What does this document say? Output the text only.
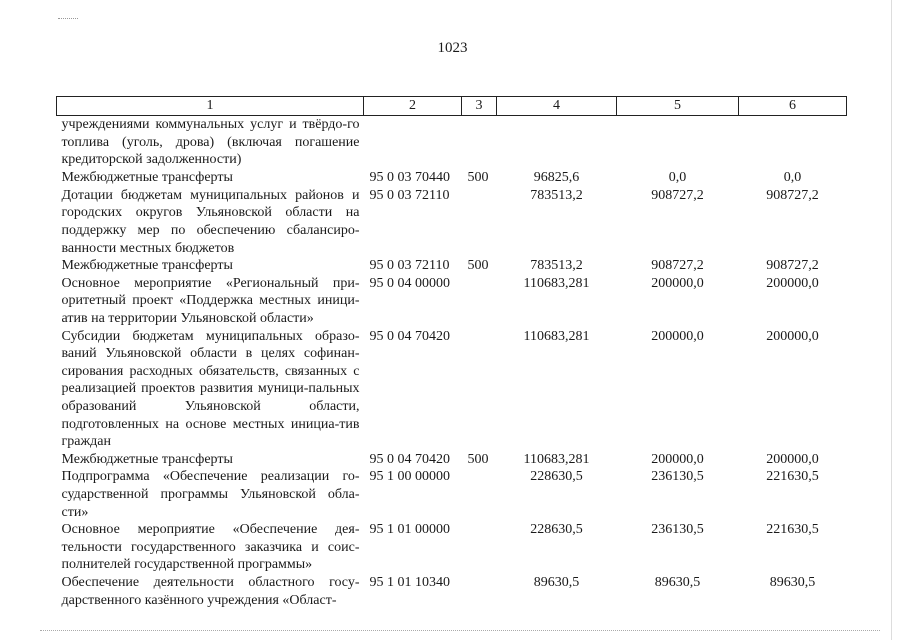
1023
1	2	3	4	5	6
учреждениями коммунальных услуг и твёрдо-го топлива (уголь, дрова) (включая погашение кредиторской задолженности)					
Межбюджетные трансферты	95 0 03 70440	500	96825,6	0,0	0,0
Дотации бюджетам муниципальных районов и городских округов Ульяновской области на поддержку мер по обеспечению сбалансиро-ванности местных бюджетов	95 0 03 72110		783513,2	908727,2	908727,2
Межбюджетные трансферты	95 0 03 72110	500	783513,2	908727,2	908727,2
Основное мероприятие «Региональный при-оритетный проект «Поддержка местных иници-атив на территории Ульяновской области»	95 0 04 00000		110683,281	200000,0	200000,0
Субсидии бюджетам муниципальных образо-ваний Ульяновской области в целях софинан-сирования расходных обязательств, связанных с реализацией проектов развития муници-пальных образований Ульяновской области, подготовленных на основе местных инициа-тив граждан	95 0 04 70420		110683,281	200000,0	200000,0
Межбюджетные трансферты	95 0 04 70420	500	110683,281	200000,0	200000,0
Подпрограмма «Обеспечение реализации го-сударственной программы Ульяновской обла-сти»	95 1 00 00000		228630,5	236130,5	221630,5
Основное мероприятие «Обеспечение дея-тельности государственного заказчика и соис-полнителей государственной программы»	95 1 01 00000		228630,5	236130,5	221630,5
Обеспечение деятельности областного госу-дарственного казённого учреждения «Област-	95 1 01 10340		89630,5	89630,5	89630,5
